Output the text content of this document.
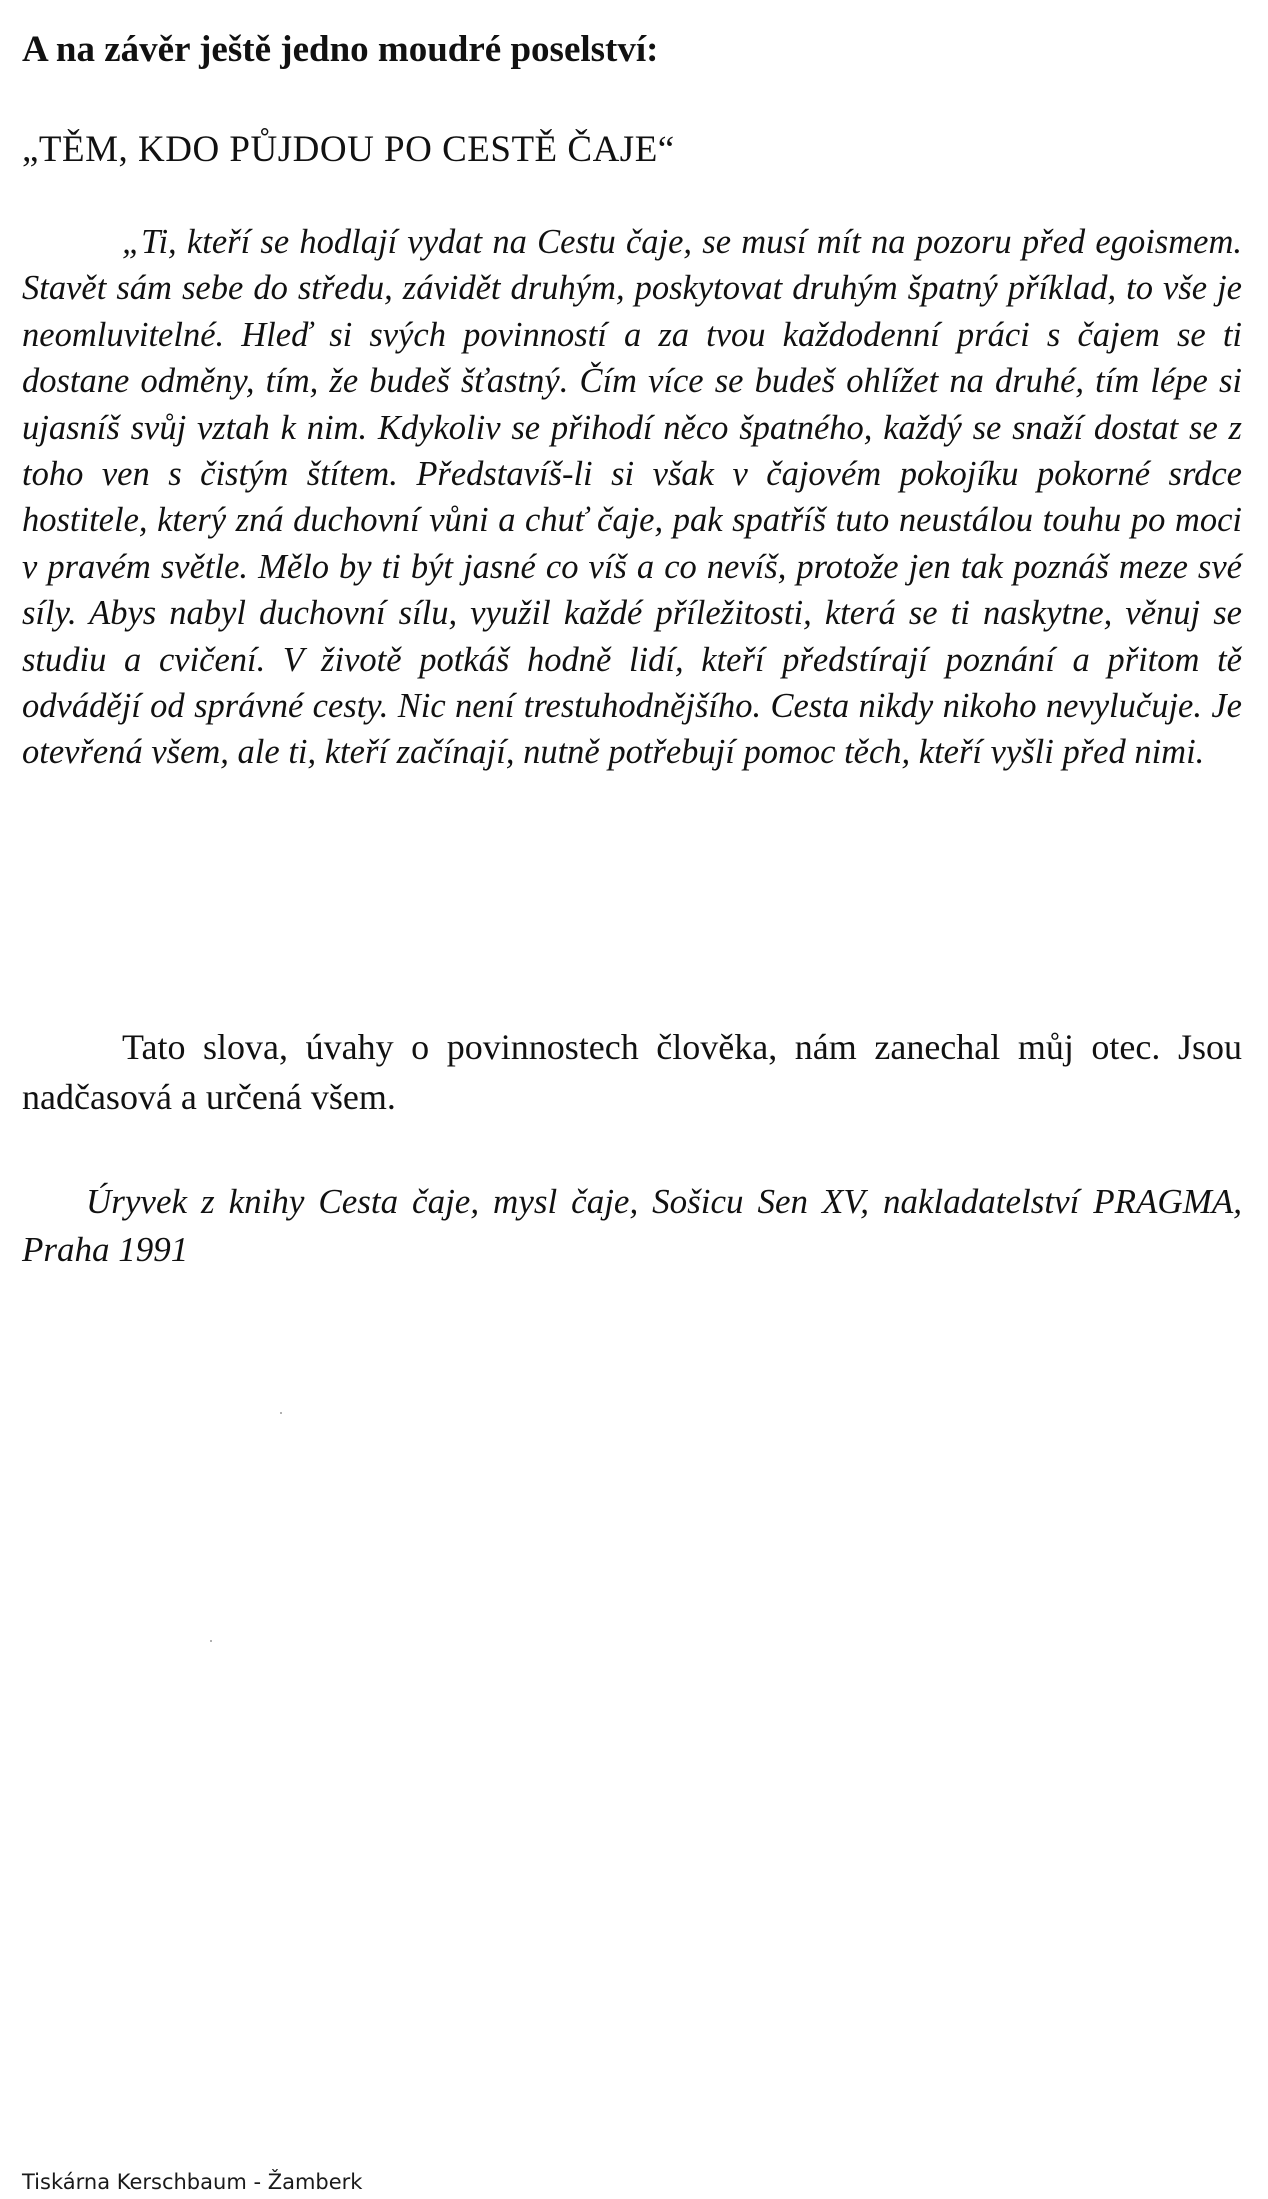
A na závěr ještě jedno moudré poselství:

„TĚM, KDO PŮJDOU PO CESTĚ ČAJE“

„Ti, kteří se hodlají vydat na Cestu čaje, se musí mít na pozoru před egoismem. Stavět sám sebe do středu, závidět druhým, poskytovat druhým špatný příklad, to vše je neomluvitelné. Hleď si svých povinností a za tvou každodenní práci s čajem se ti dostane odměny, tím, že budeš šťastný. Čím více se budeš ohlížet na druhé, tím lépe si ujasníš svůj vztah k nim. Kdykoliv se přihodí něco špatného, každý se snaží dostat se z toho ven s čistým štítem. Představíš-li si však v čajovém pokojíku pokorné srdce hostitele, který zná duchovní vůni a chuť čaje, pak spatříš tuto neustálou touhu po moci v pravém světle. Mělo by ti být jasné co víš a co nevíš, protože jen tak poznáš meze své síly. Abys nabyl duchovní sílu, využil každé příležitosti, která se ti naskytne, věnuj se studiu a cvičení. V životě potkáš hodně lidí, kteří předstírají poznání a přitom tě odvádějí od správné cesty. Nic není trestuhodnějšího. Cesta nikdy nikoho nevylučuje. Je otevřená všem, ale ti, kteří začínají, nutně potřebují pomoc těch, kteří vyšli před nimi.

Tato slova, úvahy o povinnostech člověka, nám zanechal můj otec. Jsou nadčasová a určená všem.

Úryvek z knihy Cesta čaje, mysl čaje, Sošicu Sen XV, nakladatelství PRAGMA, Praha 1991

Tiskárna Kerschbaum - Žamberk
